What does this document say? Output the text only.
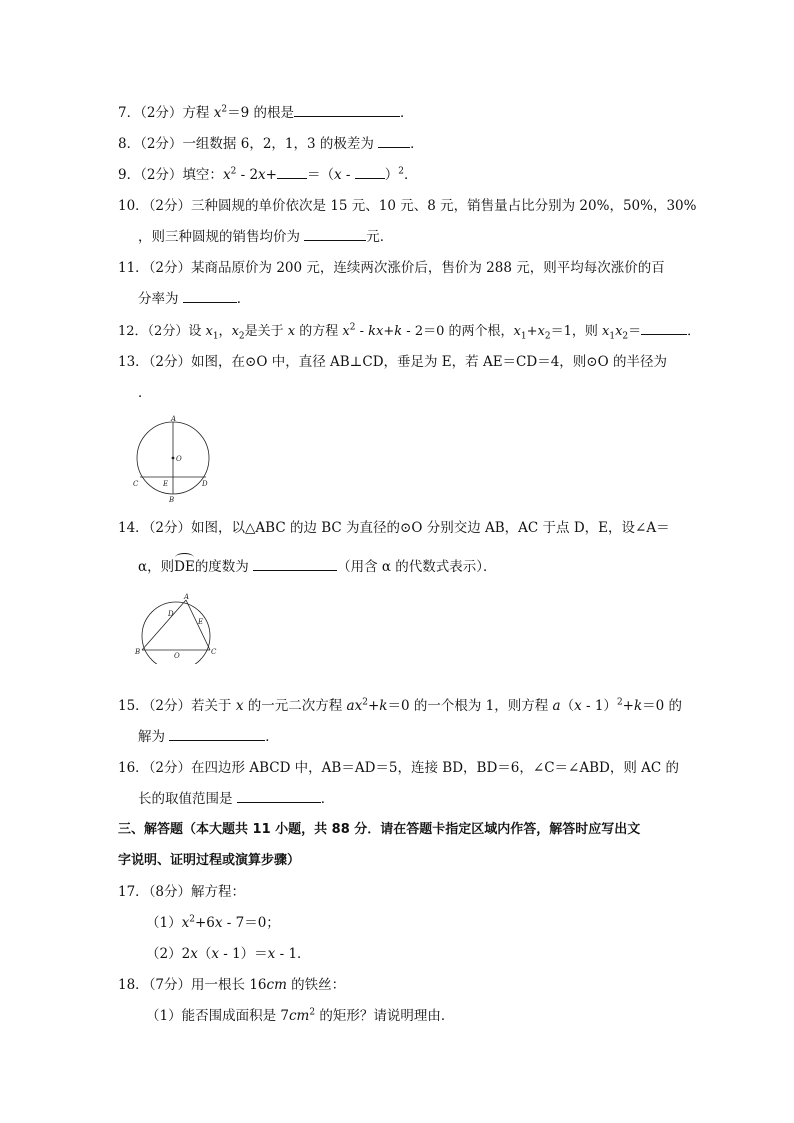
7．（2分）方程 $x^2=9$ 的根是	．
8．（2分）一组数据 6，2，1，3 的极差为 ．
9．（2分）填空：$x^2 - 2x+ =(x - )^2$．
10．（2分）三种圆规的单价依次是 15 元、10 元、8 元，销售量占比分别为 20%，50%，30%
，则三种圆规的销售均价为	元．
11．（2分）某商品原价为 200 元，连续两次涨价后，售价为 288 元，则平均每次涨价的百
分率为	．
12．（2分）设 $x_1$，$x_2$是关于 x 的方程 $x^2 - kx+k - 2=0$ 的两个根，$x_1+x_2=1$，则 $x_1x_2=$	．
13．（2分）如图，在⊙O 中，直径 AB⊥CD，垂足为 E，若 AE＝CD＝4，则⊙O 的半径为
．
A
O
C	E	D
B
14．（2分）如图，以△ABC 的边 BC 为直径的⊙O 分别交边 AB，AC 于点 D，E，设∠A＝
α，则DE的度数为	（用含 α 的代数式表示）．
A
D
E
B	O	C
15．（2分）若关于 x 的一元二次方程 $ax^2+k=0$ 的一个根为 1，则方程 a（x - 1）$^2$+k＝0 的
解为	．
16．（2分）在四边形 ABCD 中，AB＝AD＝5，连接 BD，BD＝6，∠C＝∠ABD，则 AC 的
长的取值范围是	．
三、解答题（本大题共 11 小题，共 88 分．请在答题卡指定区域内作答，解答时应写出文
字说明、证明过程或演算步骤）
17．（8分）解方程：
$(1)x^2+6x - 7=0$；
（2）2x（x - 1）＝x - 1．
18．（7分）用一根长 16cm 的铁丝：
（1）能否围成面积是 $7cm^2$ 的矩形？请说明理由．
